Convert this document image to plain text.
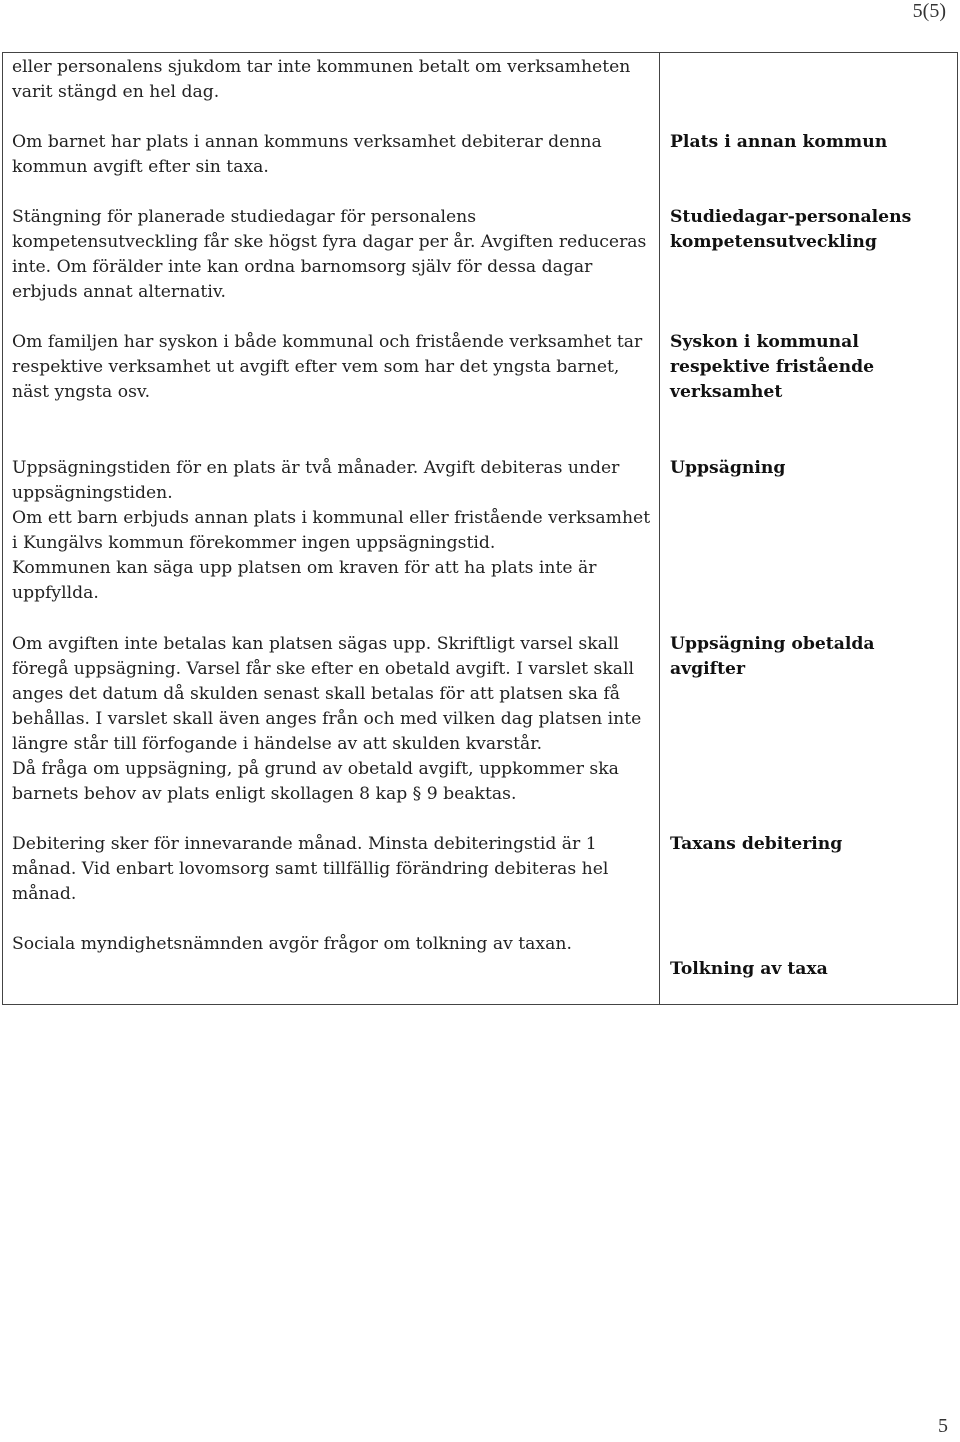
5(5)

eller personalens sjukdom tar inte kommunen betalt om verksamheten varit stängd en hel dag.

Om barnet har plats i annan kommuns verksamhet debiterar denna kommun avgift efter sin taxa.

Stängning för planerade studiedagar för personalens kompetensutveckling får ske högst fyra dagar per år. Avgiften reduceras inte. Om förälder inte kan ordna barnomsorg själv för dessa dagar erbjuds annat alternativ.

Om familjen har syskon i både kommunal och fristående verksamhet tar respektive verksamhet ut avgift efter vem som har det yngsta barnet, näst yngsta osv.

Uppsägningstiden för en plats är två månader. Avgift debiteras under uppsägningstiden.
Om ett barn erbjuds annan plats i kommunal eller fristående verksamhet i Kungälvs kommun förekommer ingen uppsägningstid.
Kommunen kan säga upp platsen om kraven för att ha plats inte är uppfyllda.
Om avgiften inte betalas kan platsen sägas upp. Skriftligt varsel skall föregå uppsägning. Varsel får ske efter en obetald avgift. I varslet skall anges det datum då skulden senast skall betalas för att platsen ska få behållas. I varslet skall även anges från och med vilken dag platsen inte längre står till förfogande i händelse av att skulden kvarstår.
Då fråga om uppsägning, på grund av obetald avgift, uppkommer ska barnets behov av plats enligt skollagen 8 kap § 9 beaktas.

Debitering sker för innevarande månad. Minsta debiteringstid är 1 månad. Vid enbart lovomsorg samt tillfällig förändring debiteras hel månad.

Sociala myndighetsnämnden avgör frågor om tolkning av taxan.

Plats i annan kommun

Studiedagar-personalens kompetensutveckling

Syskon i kommunal respektive fristående verksamhet

Uppsägning

Uppsägning obetalda avgifter

Taxans debitering

Tolkning av taxa

5
